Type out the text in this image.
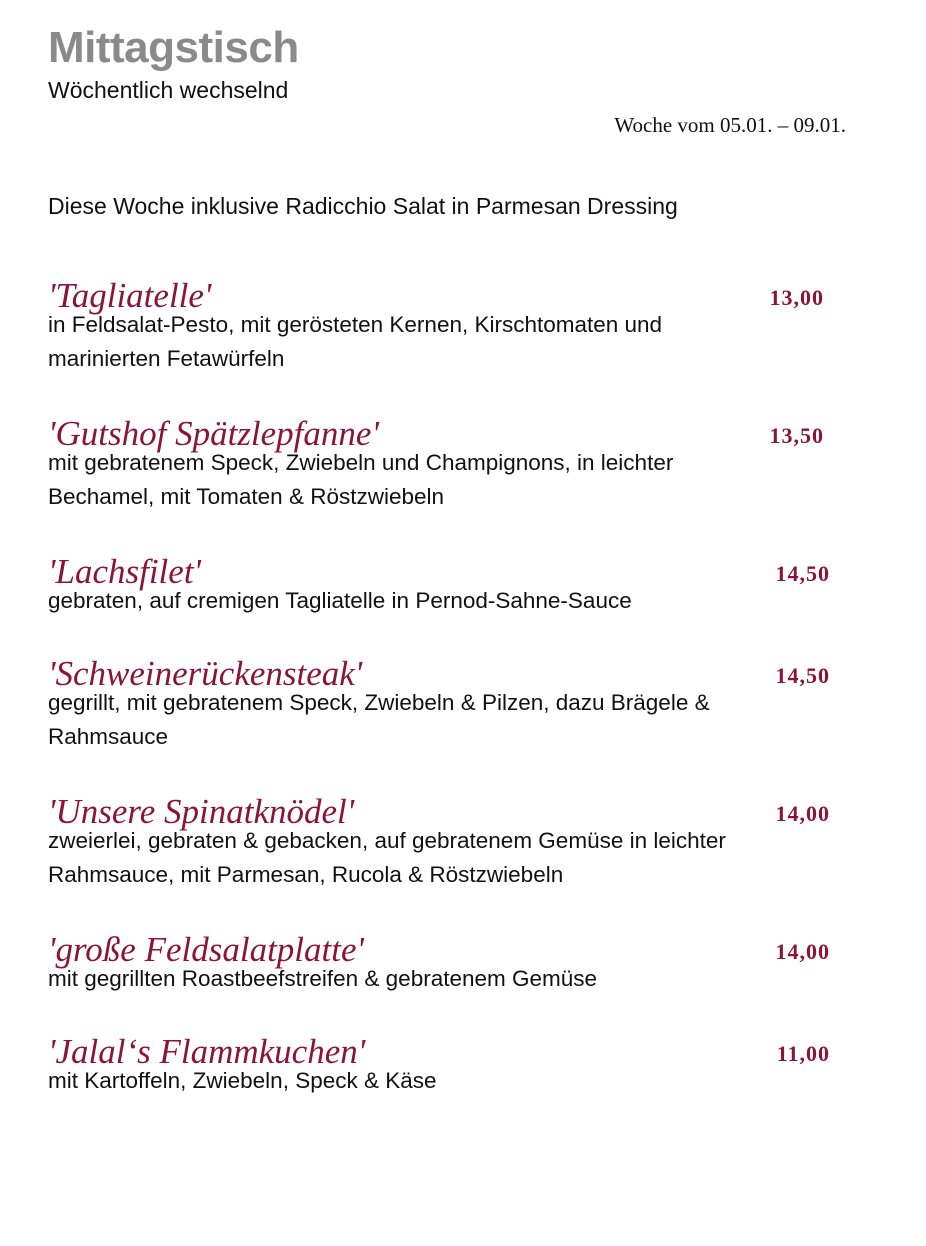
Mittagstisch

Wöchentlich wechselnd

Woche vom 05.01. – 09.01.
Diese Woche inklusive Radicchio Salat in Parmesan Dressing
'Tagliatelle'	13,00

in Feldsalat-Pesto, mit gerösteten Kernen, Kirschtomaten und marinierten Fetawürfeln

'Gutshof Spätzlepfanne'	13,50

mit gebratenem Speck, Zwiebeln und Champignons, in leichter Bechamel, mit Tomaten & Röstzwiebeln

'Lachsfilet'	14,50

gebraten, auf cremigen Tagliatelle in Pernod-Sahne-Sauce

'Schweinerückensteak'	14,50

gegrillt, mit gebratenem Speck, Zwiebeln & Pilzen, dazu Brägele & Rahmsauce

'Unsere Spinatknödel'	14,00

zweierlei, gebraten & gebacken, auf gebratenem Gemüse in leichter Rahmsauce, mit Parmesan, Rucola & Röstzwiebeln

'große Feldsalatplatte'	14,00

mit gegrillten Roastbeefstreifen & gebratenem Gemüse

'Jalal‘s Flammkuchen'	11,00

mit Kartoffeln, Zwiebeln, Speck & Käse
